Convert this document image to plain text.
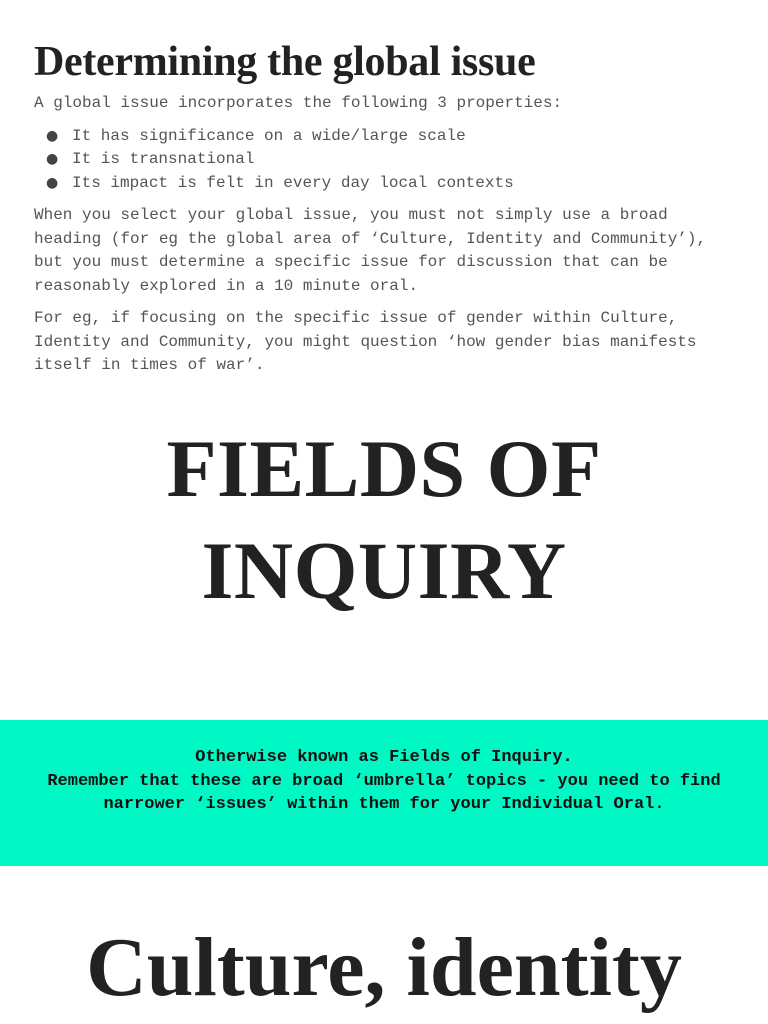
Determining the global issue

A global issue incorporates the following 3 properties:

● It has significance on a wide/large scale
● It is transnational
● Its impact is felt in every day local contexts

When you select your global issue, you must not simply use a broad heading (for eg the global area of ‘Culture, Identity and Community’), but you must determine a specific issue for discussion that can be reasonably explored in a 10 minute oral.

For eg, if focusing on the specific issue of gender within Culture, Identity and Community, you might question ‘how gender bias manifests itself in times of war’.

FIELDS OF
INQUIRY

Otherwise known as Fields of Inquiry.

Remember that these are broad ‘umbrella’ topics - you need to find narrower ‘issues’ within them for your Individual Oral.

Culture, identity
